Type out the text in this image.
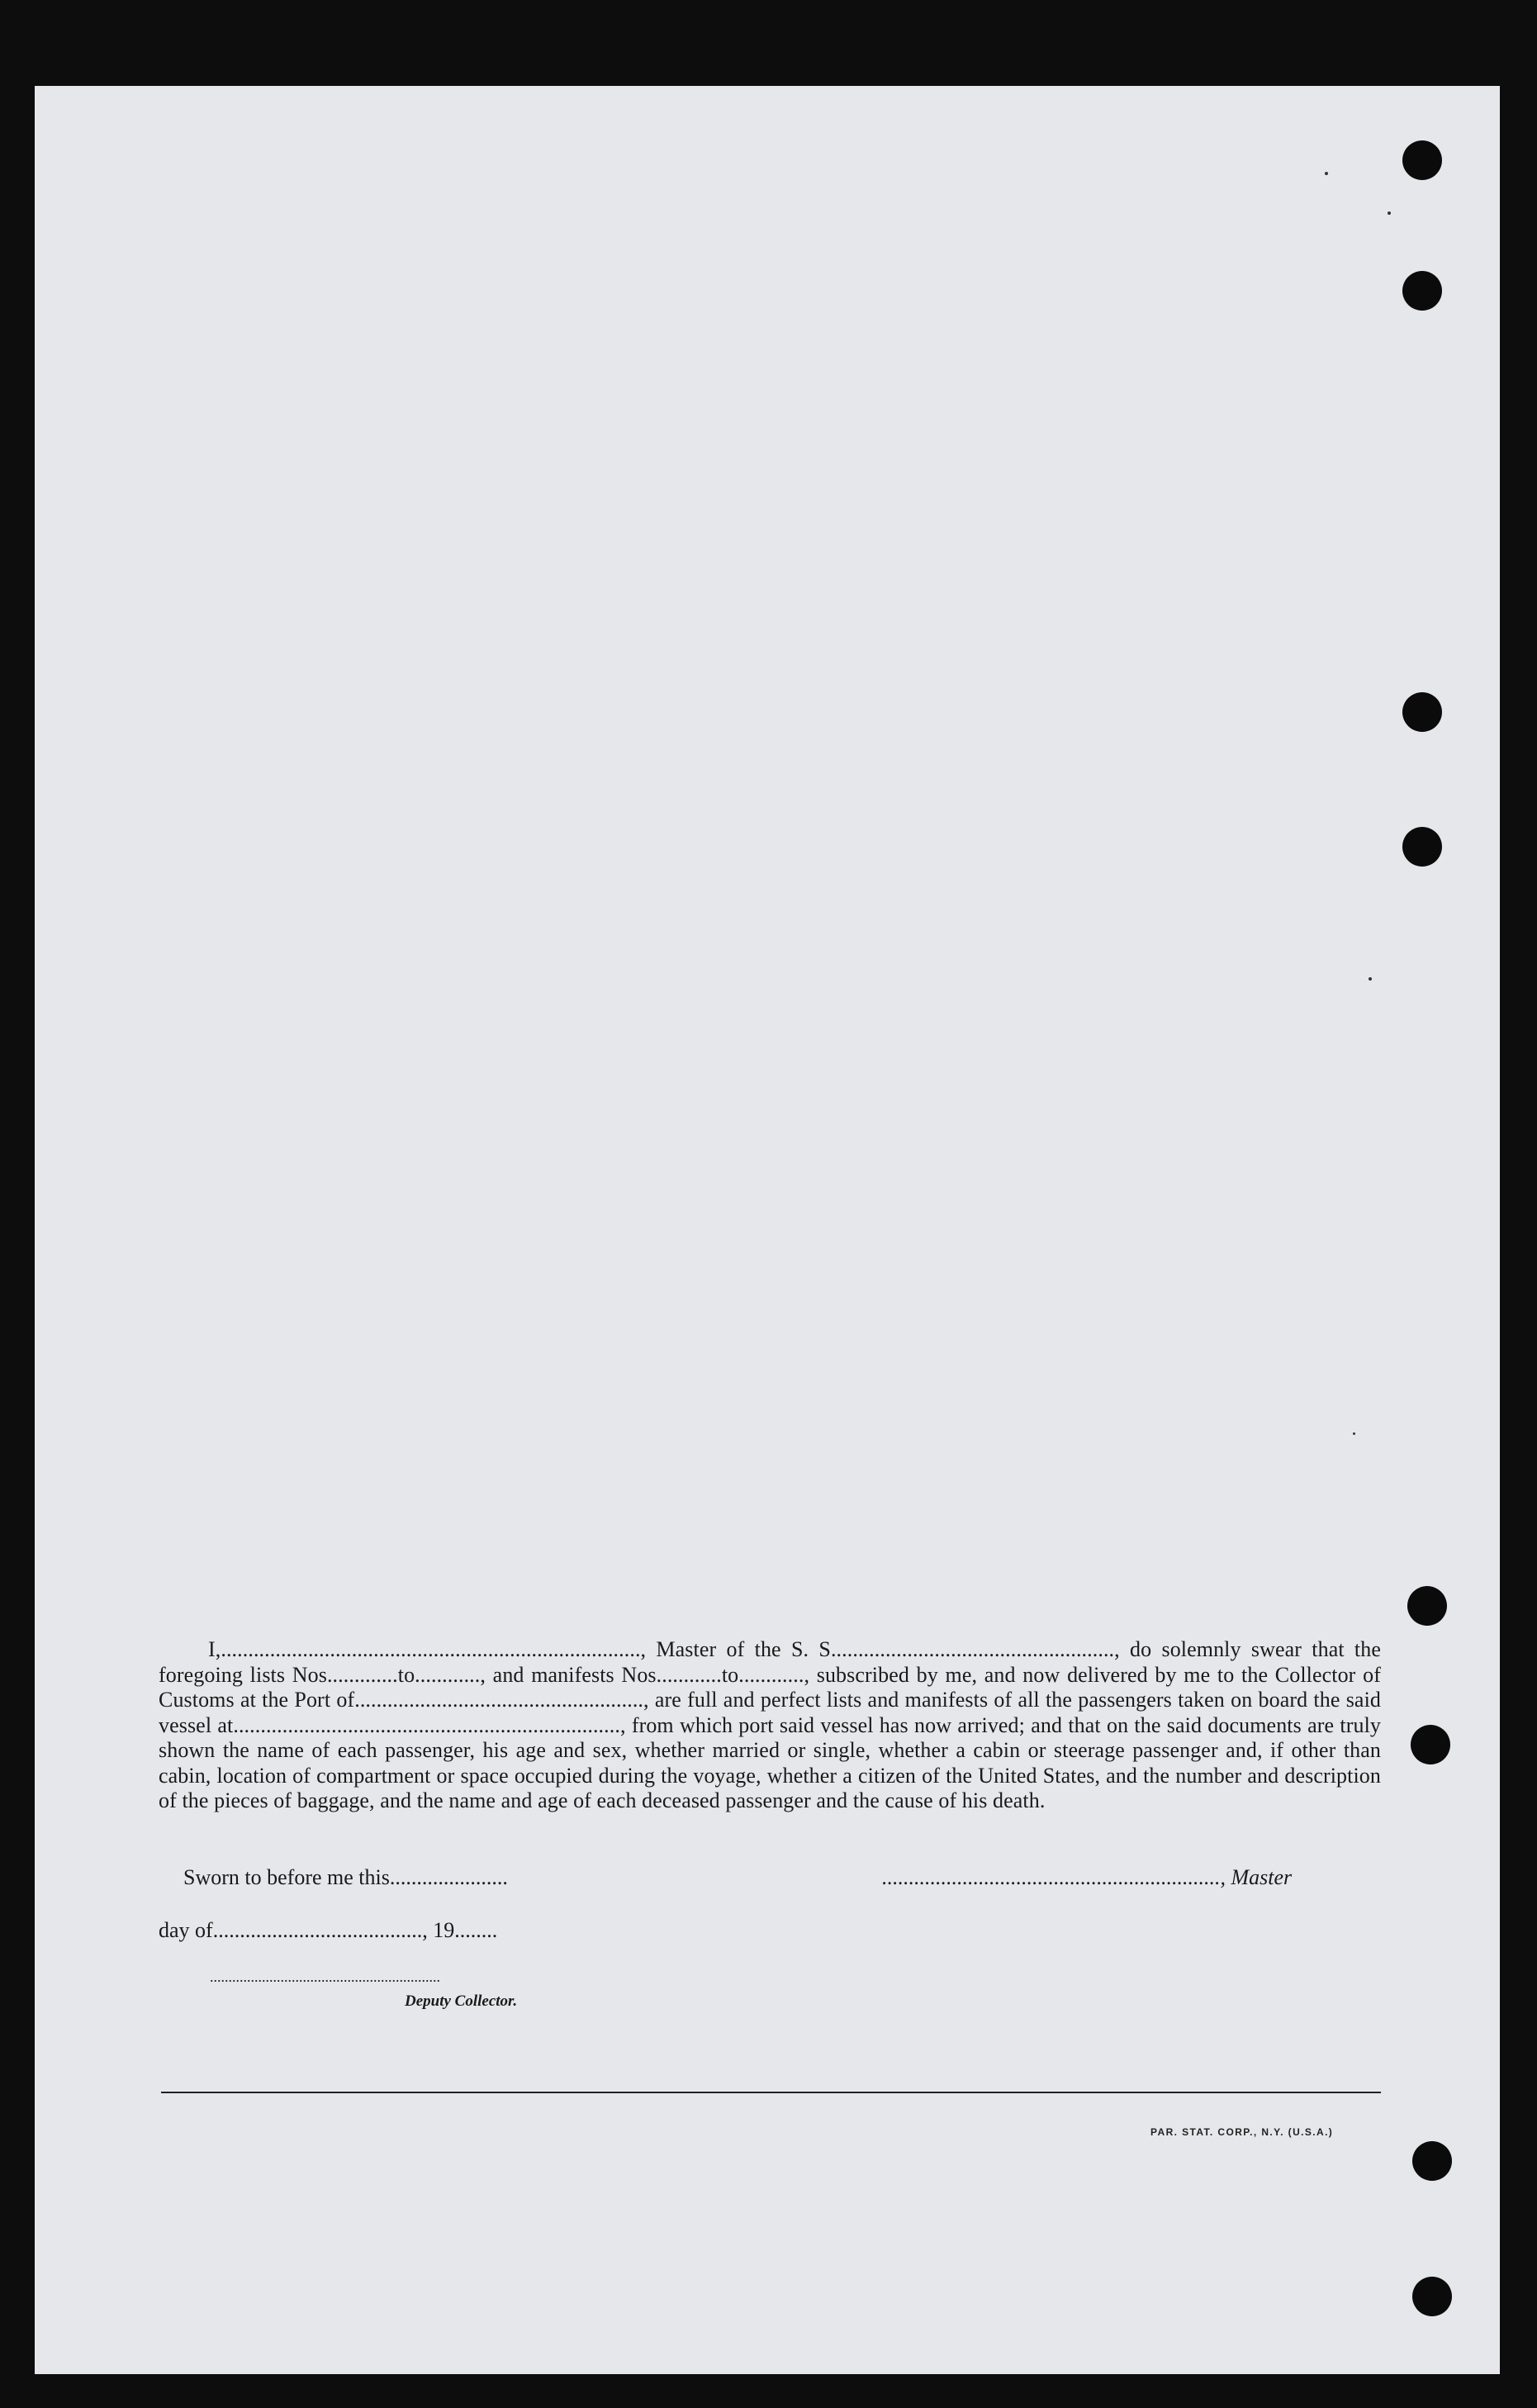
I,............................................................................., Master of the S. S...................................................., do solemnly swear that the foregoing lists Nos.............to............, and manifests Nos............to............, subscribed by me, and now delivered by me to the Collector of Customs at the Port of....................................................., are full and perfect lists and manifests of all the passengers taken on board the said vessel at......................................................................., from which port said vessel has now arrived; and that on the said documents are truly shown the name of each passenger, his age and sex, whether married or single, whether a cabin or steerage passenger and, if other than cabin, location of compartment or space occupied during the voyage, whether a citizen of the United States, and the number and description of the pieces of baggage, and the name and age of each deceased passenger and the cause of his death.
Sworn to before me this......................	..............................................................., Master
day of......................................., 19........
..............................................................
Deputy Collector.
PAR. STAT. CORP., N.Y. (U.S.A.)
